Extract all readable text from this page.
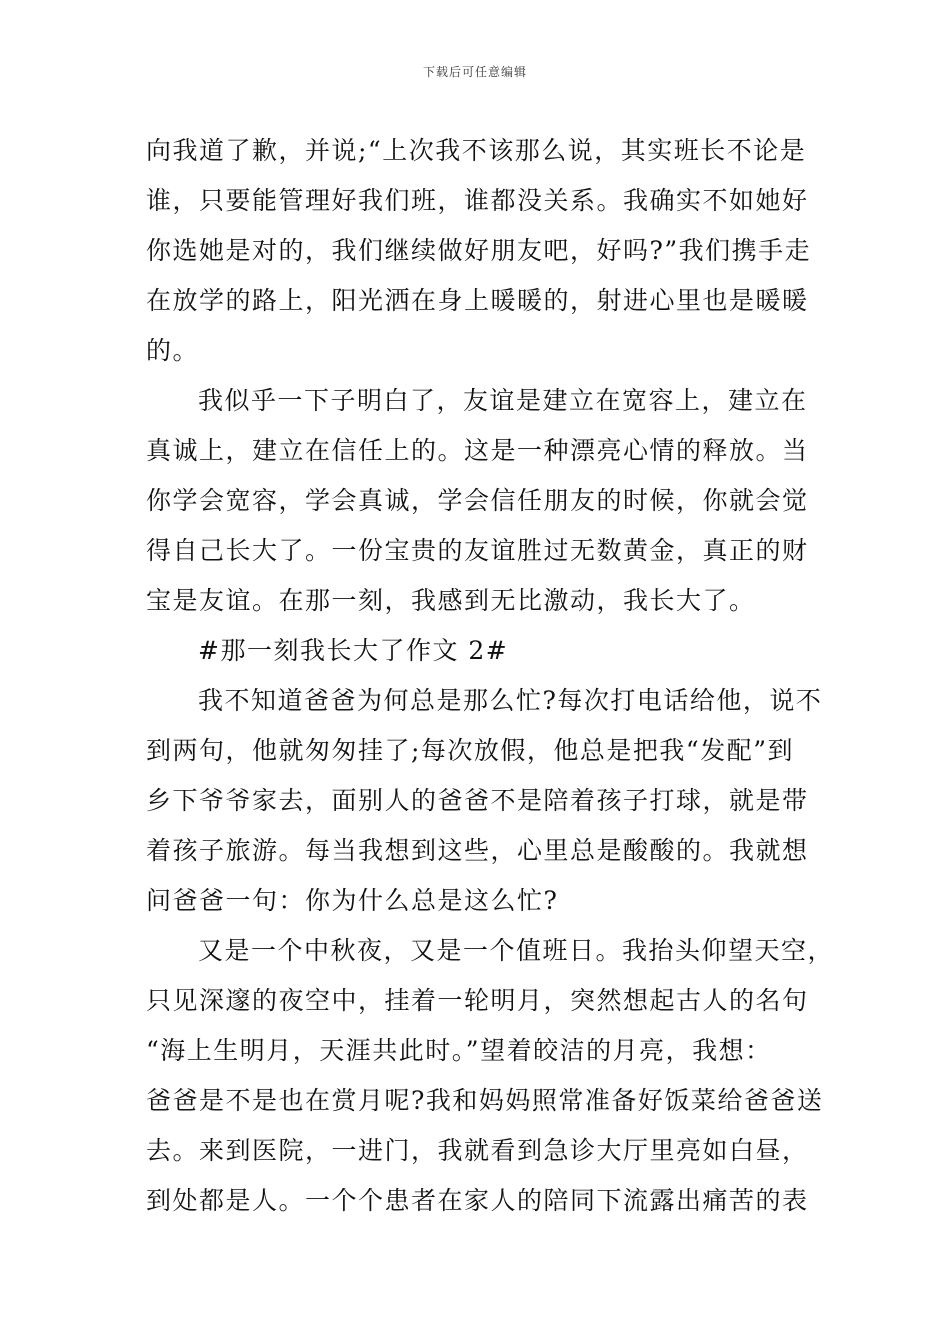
下载后可任意编辑
向我道了歉，并说;“上次我不该那么说，其实班长不论是
谁，只要能管理好我们班，谁都没关系。我确实不如她好
你选她是对的，我们继续做好朋友吧，好吗?”我们携手走
在放学的路上，阳光洒在身上暖暖的，射进心里也是暖暖
的。
我似乎一下子明白了，友谊是建立在宽容上，建立在
真诚上，建立在信任上的。这是一种漂亮心情的释放。当
你学会宽容，学会真诚，学会信任朋友的时候，你就会觉
得自己长大了。一份宝贵的友谊胜过无数黄金，真正的财
宝是友谊。在那一刻，我感到无比激动，我长大了。
#那一刻我长大了作文 2#
我不知道爸爸为何总是那么忙?每次打电话给他，说不
到两句，他就匆匆挂了;每次放假，他总是把我“发配”到
乡下爷爷家去，面别人的爸爸不是陪着孩子打球，就是带
着孩子旅游。每当我想到这些，心里总是酸酸的。我就想
问爸爸一句：你为什么总是这么忙?
又是一个中秋夜，又是一个值班日。我抬头仰望天空，
只见深邃的夜空中，挂着一轮明月，突然想起古人的名句
“海上生明月，天涯共此时。”望着皎洁的月亮，我想：
爸爸是不是也在赏月呢?我和妈妈照常准备好饭菜给爸爸送
去。来到医院，一进门，我就看到急诊大厅里亮如白昼，
到处都是人。一个个患者在家人的陪同下流露出痛苦的表
